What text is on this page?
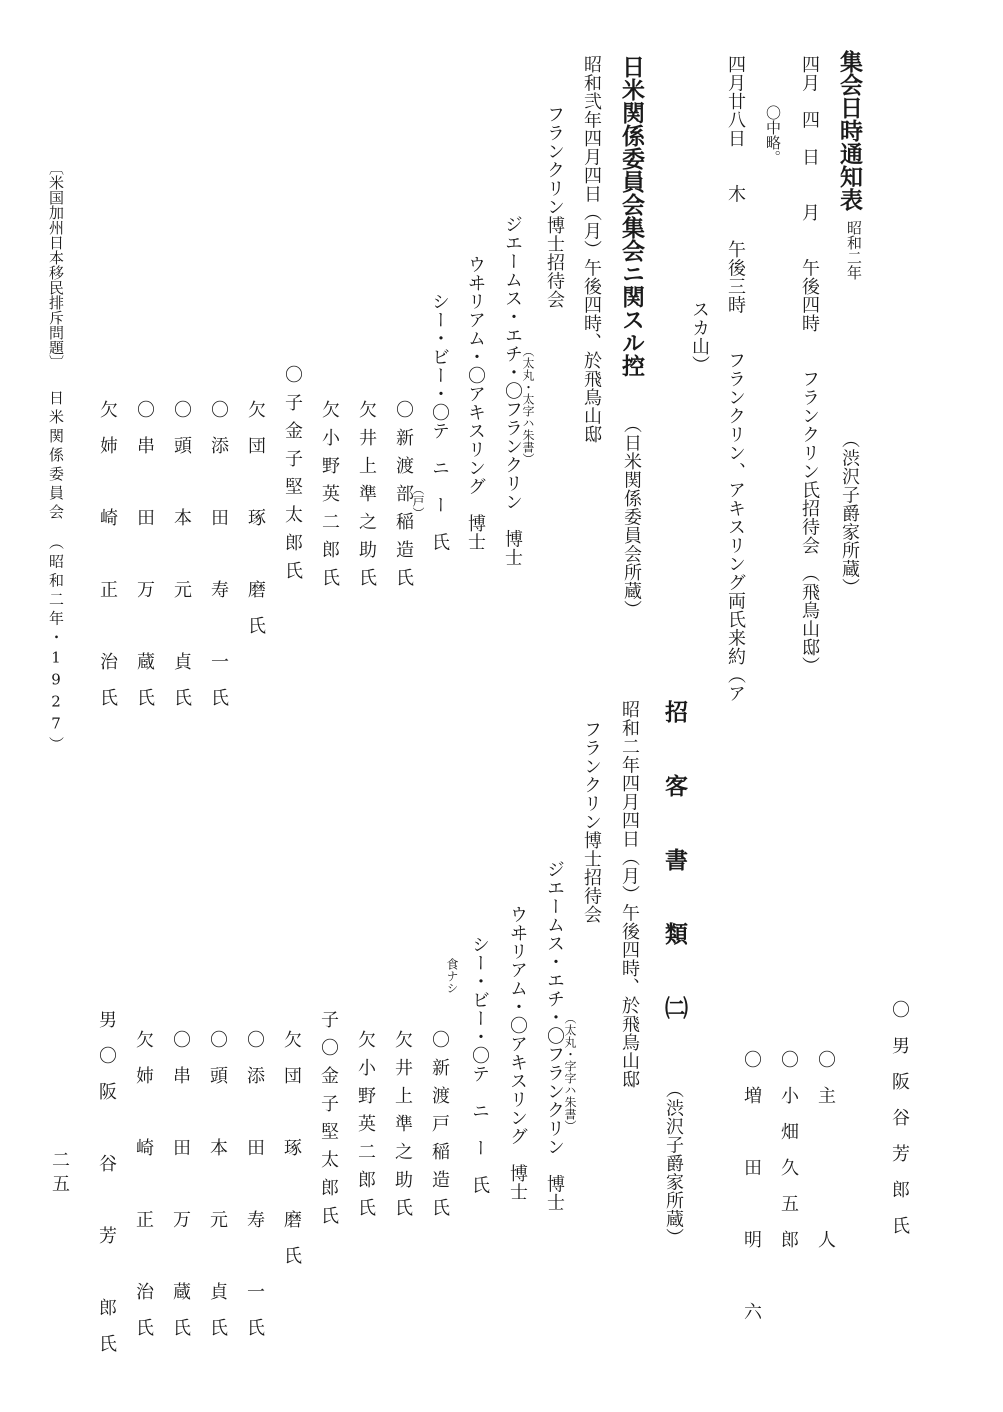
集会日時通知表
昭和二年
（渋沢子爵家所蔵）
四月　四　日　　月　　午後四時　　フランクリン氏招待会　（飛鳥山邸）
〇中略。
四月廿八日　　木　　午後三時　　フランクリン、アキスリング両氏来約（ア
スカ山）
日米関係委員会集会ニ関スル控
（日米関係委員会所蔵）
昭和弐年四月四日（月）午後四時、於飛鳥山邸
フランクリン博士招待会
（太丸・太字ハ朱書）
ジエームス・エチ・〇フランクリン　博士
ウヰリアム・〇アキスリング　博士
シー・ビー・〇テ　ニ　ー　氏
（戸）
〇新渡部稲造氏
欠井上準之助氏
欠小野英二郎氏
〇子金子堅太郎氏
欠団　琢　磨氏
〇添　田　寿　一氏
〇頭　本　元　貞氏
〇串　田　万　蔵氏
欠姉　崎　正　治氏
招　客　書　類　㈡
（渋沢子爵家所蔵）
昭和二年四月四日（月）午後四時、於飛鳥山邸
フランクリン博士招待会
（太丸・字字ハ朱書）
ジエームス・エチ・〇フランクリン　博士
ウヰリアム・〇アキスリング　博士
シー・ビー・〇テ　ニ　ー　氏
食ナシ
〇新渡戸稲造氏
欠井上準之助氏
欠小野英二郎氏
子〇金子堅太郎氏
欠団　琢　磨氏
〇添　田　寿　一氏
〇頭　本　元　貞氏
〇串　田　万　蔵氏
欠姉　崎　正　治氏
男〇阪　谷　芳　郎氏	〇男阪谷芳郎氏
〇主　　　人
〇小畑久五郎
〇増　田　明　六
〔米国加州日本移民排斥問題〕
日米関係委員会　（昭和二年・1927）
二五
